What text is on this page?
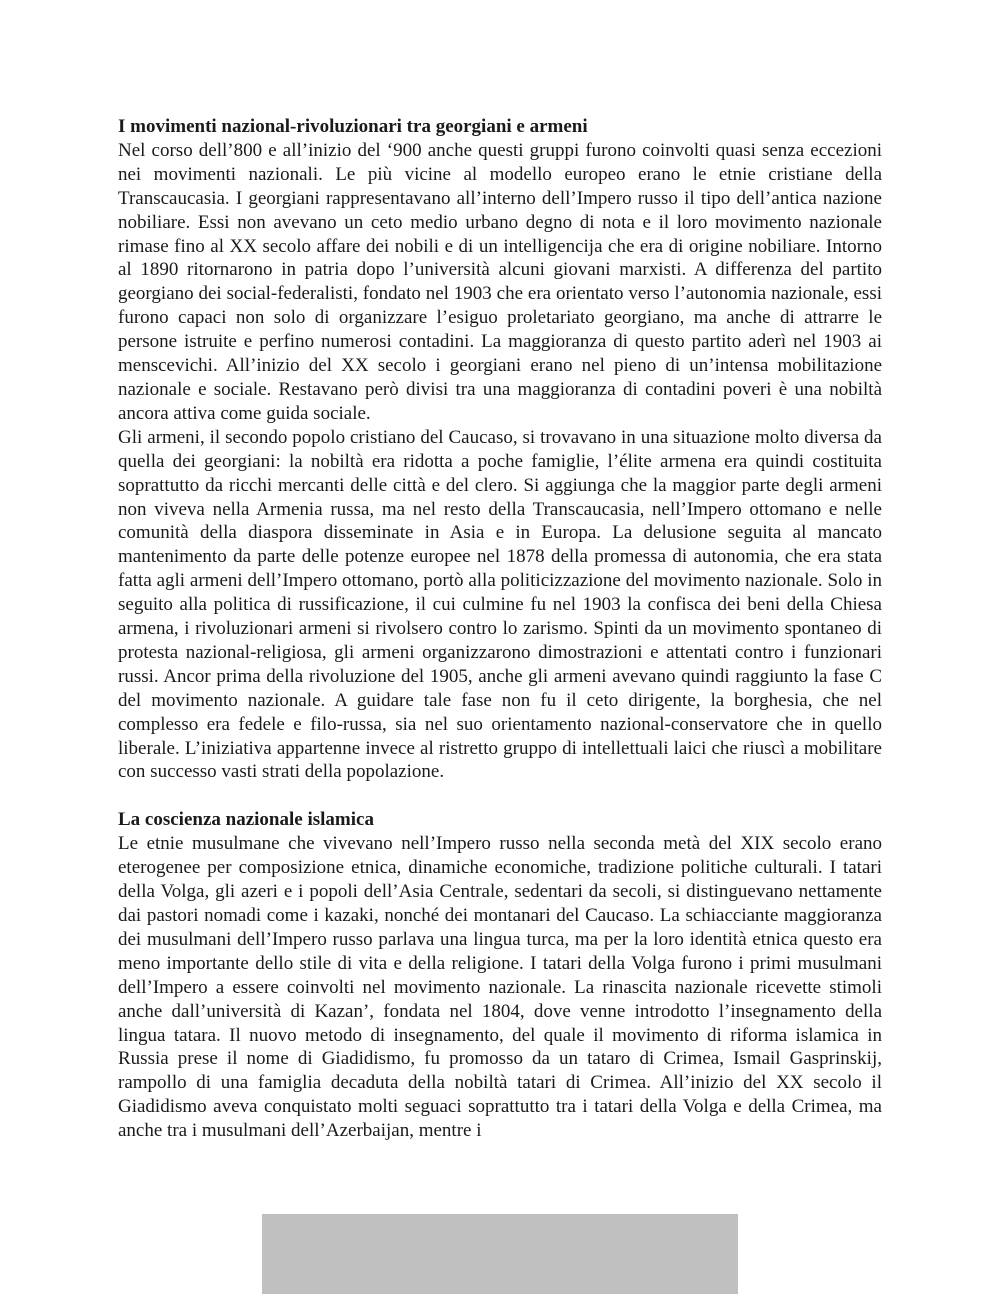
I movimenti nazional-rivoluzionari tra georgiani e armeni

Nel corso dell’800 e all’inizio del ‘900 anche questi gruppi furono coinvolti quasi senza eccezioni nei movimenti nazionali. Le più vicine al modello europeo erano le etnie cristiane della Transcaucasia. I georgiani rappresentavano all’interno dell’Impero russo il tipo dell’antica nazione nobiliare. Essi non avevano un ceto medio urbano degno di nota e il loro movimento nazionale rimase fino al XX secolo affare dei nobili e di un intelligencija che era di origine nobiliare. Intorno al 1890 ritornarono in patria dopo l’università alcuni giovani marxisti. A differenza del partito georgiano dei social-federalisti, fondato nel 1903 che era orientato verso l’autonomia nazionale, essi furono capaci non solo di organizzare l’esiguo proletariato georgiano, ma anche di attrarre le persone istruite e perfino numerosi contadini. La maggioranza di questo partito aderì nel 1903 ai menscevichi. All’inizio del XX secolo i georgiani erano nel pieno di un’intensa mobilitazione nazionale e sociale. Restavano però divisi tra una maggioranza di contadini poveri è una nobiltà ancora attiva come guida sociale.

Gli armeni, il secondo popolo cristiano del Caucaso, si trovavano in una situazione molto diversa da quella dei georgiani: la nobiltà era ridotta a poche famiglie, l’élite armena era quindi costituita soprattutto da ricchi mercanti delle città e del clero. Si aggiunga che la maggior parte degli armeni non viveva nella Armenia russa, ma nel resto della Transcaucasia, nell’Impero ottomano e nelle comunità della diaspora disseminate in Asia e in Europa. La delusione seguita al mancato mantenimento da parte delle potenze europee nel 1878 della promessa di autonomia, che era stata fatta agli armeni dell’Impero ottomano, portò alla politicizzazione del movimento nazionale. Solo in seguito alla politica di russificazione, il cui culmine fu nel 1903 la confisca dei beni della Chiesa armena, i rivoluzionari armeni si rivolsero contro lo zarismo. Spinti da un movimento spontaneo di protesta nazional-religiosa, gli armeni organizzarono dimostrazioni e attentati contro i funzionari russi. Ancor prima della rivoluzione del 1905, anche gli armeni avevano quindi raggiunto la fase C del movimento nazionale. A guidare tale fase non fu il ceto dirigente, la borghesia, che nel complesso era fedele e filo-russa, sia nel suo orientamento nazional-conservatore che in quello liberale. L’iniziativa appartenne invece al ristretto gruppo di intellettuali laici che riuscì a mobilitare con successo vasti strati della popolazione.

La coscienza nazionale islamica

Le etnie musulmane che vivevano nell’Impero russo nella seconda metà del XIX secolo erano eterogenee per composizione etnica, dinamiche economiche, tradizione politiche culturali. I tatari della Volga, gli azeri e i popoli dell’Asia Centrale, sedentari da secoli, si distinguevano nettamente dai pastori nomadi come i kazaki, nonché dei montanari del Caucaso. La schiacciante maggioranza dei musulmani dell’Impero russo parlava una lingua turca, ma per la loro identità etnica questo era meno importante dello stile di vita e della religione. I tatari della Volga furono i primi musulmani dell’Impero a essere coinvolti nel movimento nazionale. La rinascita nazionale ricevette stimoli anche dall’università di Kazan’, fondata nel 1804, dove venne introdotto l’insegnamento della lingua tatara. Il nuovo metodo di insegnamento, del quale il movimento di riforma islamica in Russia prese il nome di Giadidismo, fu promosso da un tataro di Crimea, Ismail Gasprinskij, rampollo di una famiglia decaduta della nobiltà tatari di Crimea. All’inizio del XX secolo il Giadidismo aveva conquistato molti seguaci soprattutto tra i tatari della Volga e della Crimea, ma anche tra i musulmani dell’Azerbaijan, mentre i
